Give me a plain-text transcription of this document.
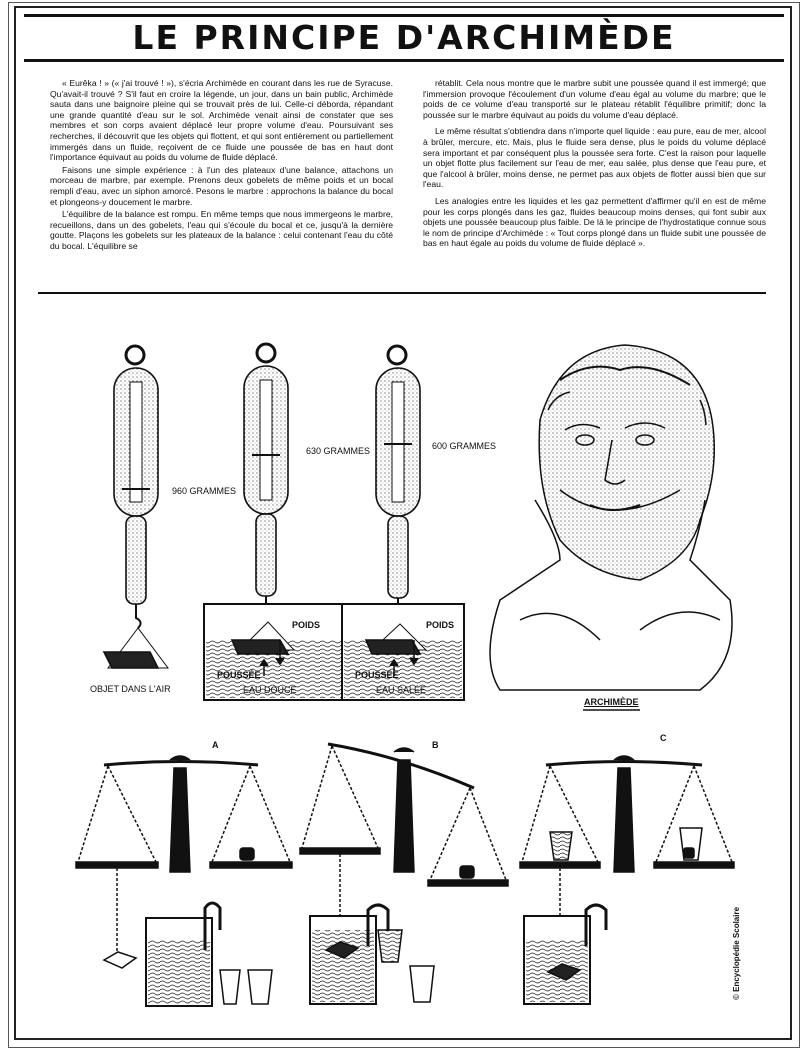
LE PRINCIPE D'ARCHIMÈDE

« Eurêka ! » (« j'ai trouvé ! »), s'écria Archimède en courant dans les rue de Syracuse. Qu'avait-il trouvé ? S'il faut en croire la légende, un jour, dans un bain public, Archimède sauta dans une baignoire pleine qui se trouvait près de lui. Celle-ci déborda, répandant une grande quantité d'eau sur le sol. Archimède venait ainsi de constater que ses membres et son corps avaient déplacé leur propre volume d'eau. Poursuivant ses recherches, il découvrit que les objets qui flottent, et qui sont entièrement ou partiellement immergés dans un fluide, reçoivent de ce fluide une poussée de bas en haut dont l'importance équivaut au poids du volume de fluide déplacé.

Faisons une simple expérience : à l'un des plateaux d'une balance, attachons un morceau de marbre, par exemple. Prenons deux gobelets de même poids et un bocal rempli d'eau, avec un siphon amorcé. Pesons le marbre : approchons la balance du bocal et plongeons-y doucement le marbre.

L'équilibre de la balance est rompu. En même temps que nous immergeons le marbre, recueillons, dans un des gobelets, l'eau qui s'écoule du bocal et ce, jusqu'à la dernière goutte. Plaçons les gobelets sur les plateaux de la balance : celui contenant l'eau du côté du bocal. L'équilibre se

rétablit. Cela nous montre que le marbre subit une poussée quand il est immergé; que l'immersion provoque l'écoulement d'un volume d'eau égal au volume du marbre; que le poids de ce volume d'eau transporté sur le plateau rétablit l'équilibre primitif; donc la poussée sur le marbre équivaut au poids du volume d'eau déplacé.

Le même résultat s'obtiendra dans n'importe quel liquide : eau pure, eau de mer, alcool à brûler, mercure, etc. Mais, plus le fluide sera dense, plus le poids du volume déplacé sera important et par conséquent plus la poussée sera forte. C'est la raison pour laquelle un objet flotte plus facilement sur l'eau de mer, eau salée, plus dense que l'eau pure, et que l'alcool à brûler, moins dense, ne permet pas aux objets de flotter aussi bien que sur l'eau.

Les analogies entre les liquides et les gaz permettent d'affirmer qu'il en est de même pour les corps plongés dans les gaz, fluides beaucoup moins denses, qui font subir aux objets une poussée beaucoup plus faible. De là le principe de l'hydrostatique connue sous le nom de principe d'Archimède : « Tout corps plongé dans un fluide subit une poussée de bas en haut égale au poids du volume de fluide déplacé ».

960 GRAMMES
630 GRAMMES	600 GRAMMES
OBJET DANS L'AIR	EAU DOUCE	EAU SALÉE
POIDS
POUSSÉE
POIDS
POUSSÉE
ARCHIMÈDE
A	B
C
© Encyclopédie Scolaire
